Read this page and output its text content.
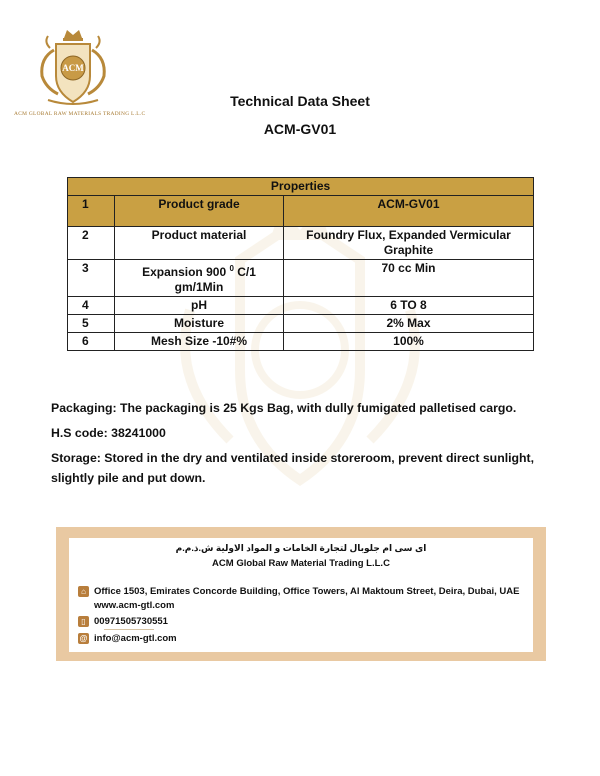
ACM
ACM GLOBAL RAW MATERIALS TRADING L.L.C
Technical Data Sheet
ACM-GV01
Properties		
1	Product grade	ACM-GV01
2	Product material	Foundry Flux, Expanded Vermicular Graphite
3	Expansion 900 $^0$ C/1 gm/1Min	70 cc Min
4	pH	6 TO 8
5	Moisture	2% Max
6	Mesh Size -10#%	100%
Packaging: The packaging is 25 Kgs Bag, with dully fumigated palletised cargo.
H.S code: 38241000
Storage: Stored in the dry and ventilated inside storeroom, prevent direct sunlight, slightly pile and put down.
اى سى ام جلوبال لتجارة الخامات و المواد الاولية ش.ذ.م.م
ACM Global Raw Material Trading L.L.C
⌂ Office 1503, Emirates Concorde Building, Office Towers, Al Maktoum Street, Deira, Dubai, UAE
www.acm-gtl.com
▯ 00971505730551
@ info@acm-gtl.com
